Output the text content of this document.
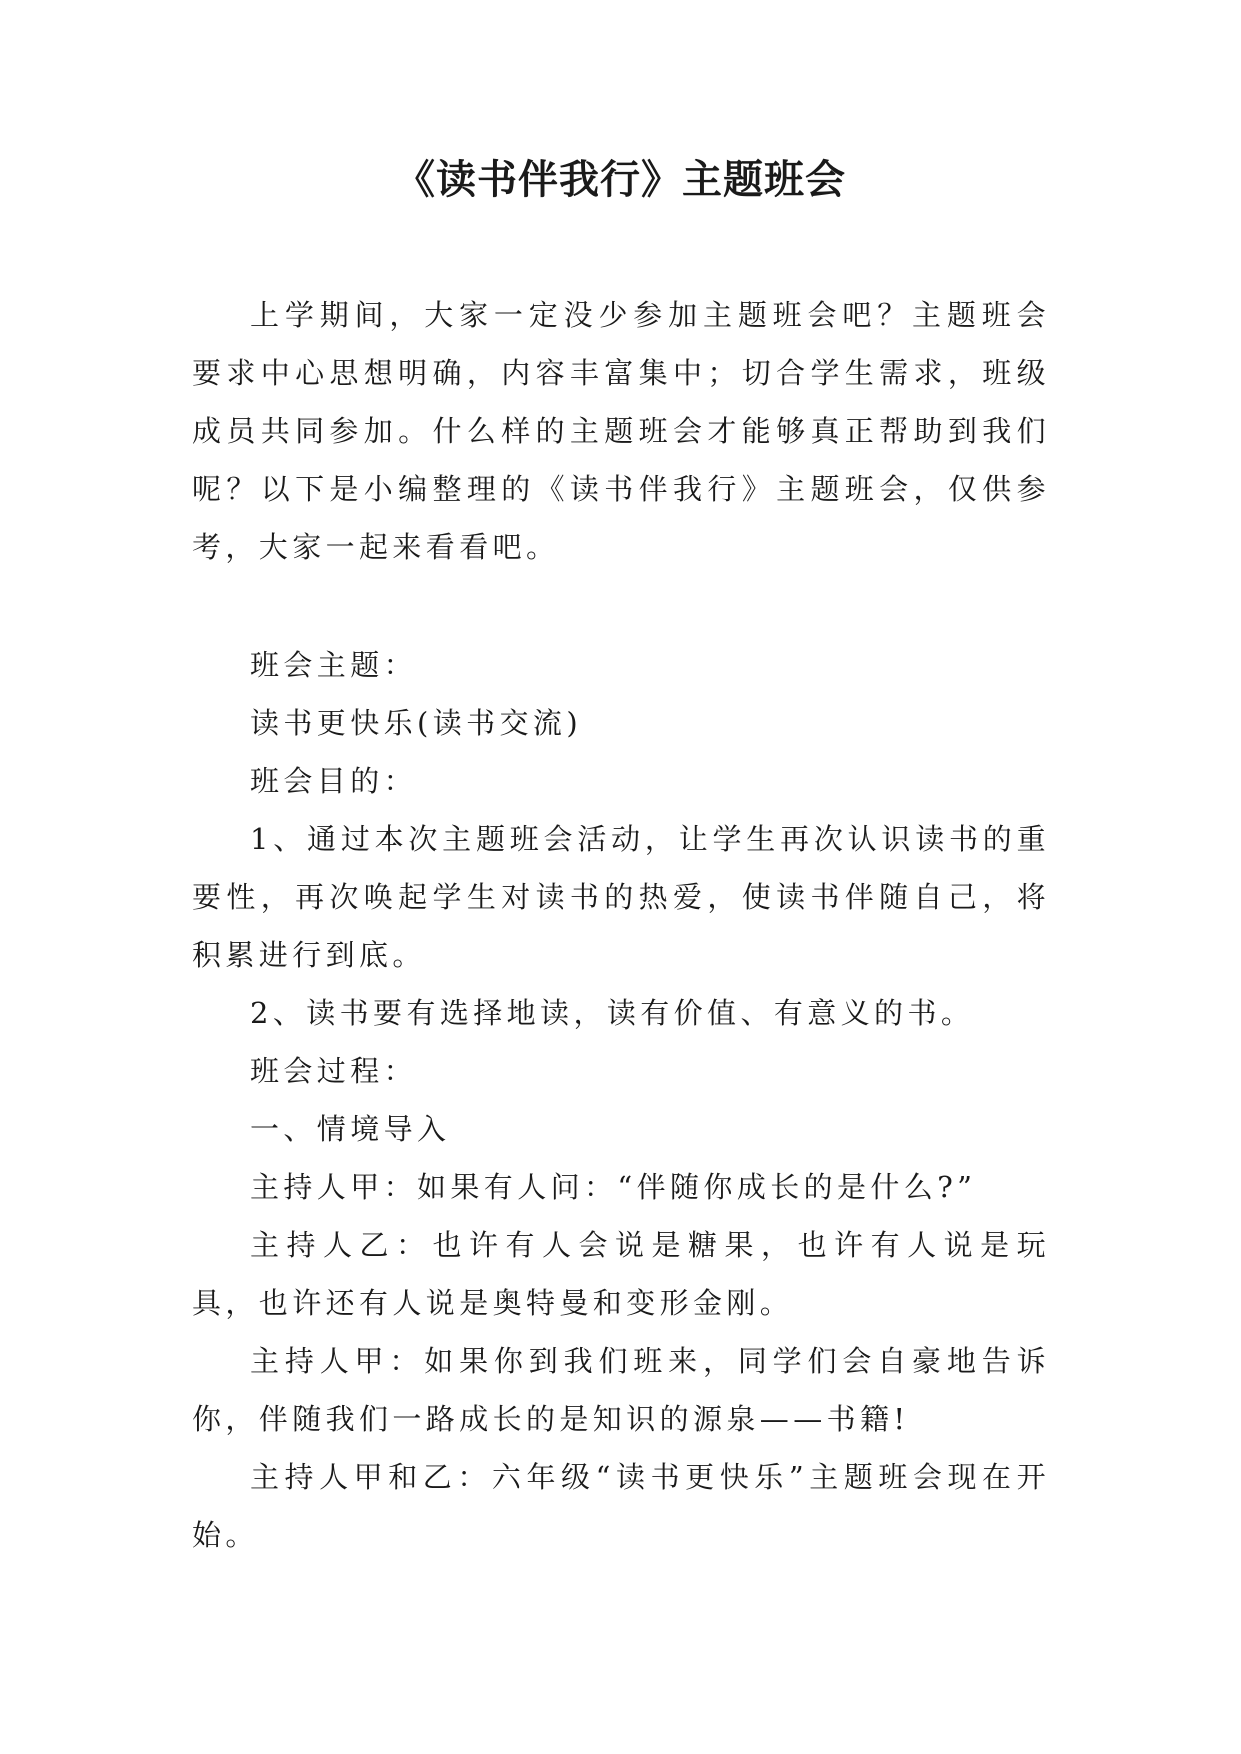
《读书伴我行》主题班会

上学期间，大家一定没少参加主题班会吧？主题班会要求中心思想明确，内容丰富集中；切合学生需求，班级成员共同参加。什么样的主题班会才能够真正帮助到我们呢？以下是小编整理的《读书伴我行》主题班会，仅供参考，大家一起来看看吧。

班会主题：

读书更快乐(读书交流)

班会目的：

1、通过本次主题班会活动，让学生再次认识读书的重要性，再次唤起学生对读书的热爱，使读书伴随自己，将积累进行到底。

2、读书要有选择地读，读有价值、有意义的书。

班会过程：

一、情境导入

主持人甲：如果有人问：“伴随你成长的是什么?”

主持人乙：也许有人会说是糖果，也许有人说是玩具，也许还有人说是奥特曼和变形金刚。

主持人甲：如果你到我们班来，同学们会自豪地告诉你，伴随我们一路成长的是知识的源泉——书籍!

主持人甲和乙：六年级“读书更快乐”主题班会现在开始。
